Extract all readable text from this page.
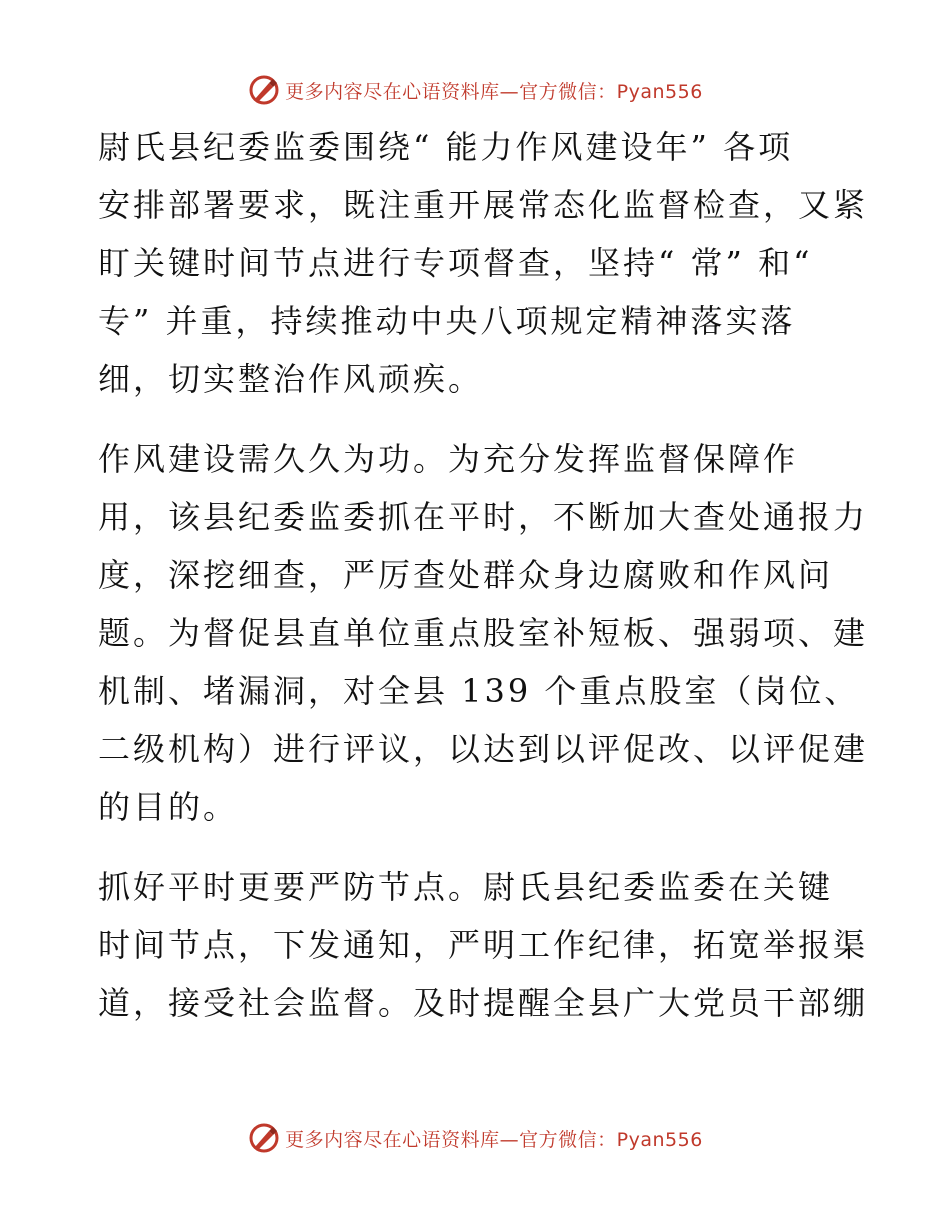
更多内容尽在心语资料库—官方微信：Pyan556

尉氏县纪委监委围绕“ 能力作风建设年” 各项
安排部署要求，既注重开展常态化监督检查，又紧
盯关键时间节点进行专项督查，坚持“ 常” 和“
专” 并重，持续推动中央八项规定精神落实落
细，切实整治作风顽疾。

作风建设需久久为功。为充分发挥监督保障作
用，该县纪委监委抓在平时，不断加大查处通报力
度，深挖细查，严厉查处群众身边腐败和作风问
题。为督促县直单位重点股室补短板、强弱项、建
机制、堵漏洞，对全县 139 个重点股室（岗位、
二级机构）进行评议，以达到以评促改、以评促建
的目的。

抓好平时更要严防节点。尉氏县纪委监委在关键
时间节点，下发通知，严明工作纪律，拓宽举报渠
道，接受社会监督。及时提醒全县广大党员干部绷

更多内容尽在心语资料库—官方微信：Pyan556
